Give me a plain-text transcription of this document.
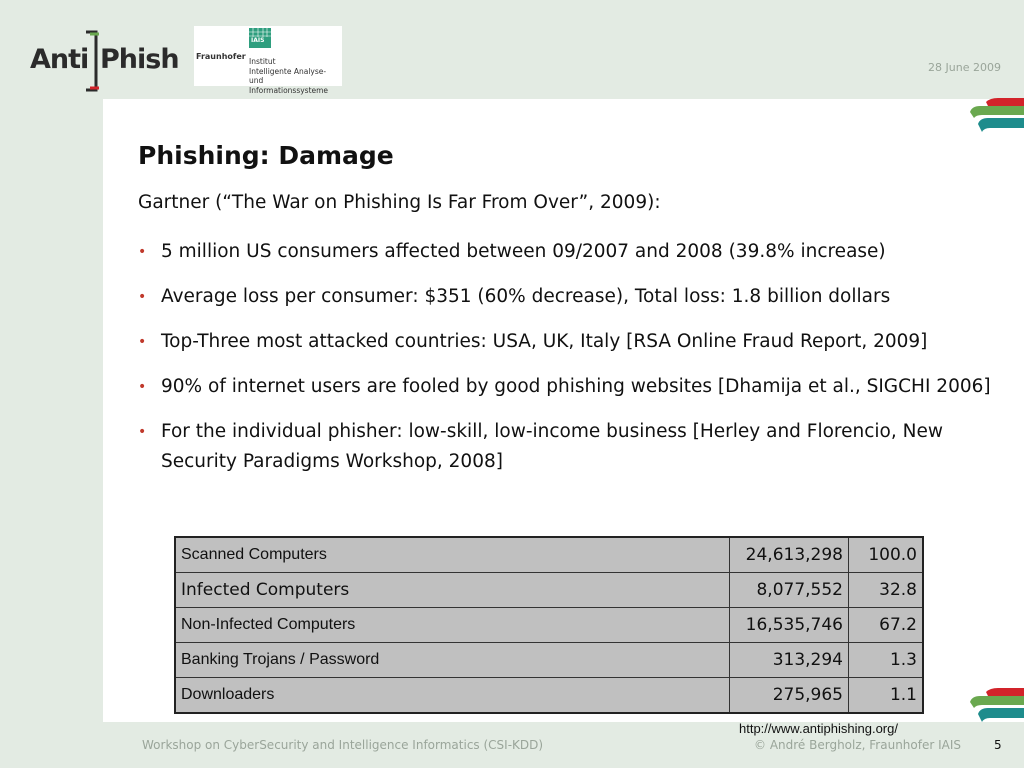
Anti Phish
IAIS
Fraunhofer
Institut
Intelligente Analyse- und
Informationssysteme
28 June 2009
Phishing: Damage
Gartner (“The War on Phishing Is Far From Over”, 2009):
• 5 million US consumers affected between 09/2007 and 2008 (39.8% increase)
• Average loss per consumer: $351 (60% decrease), Total loss: 1.8 billion dollars
• Top-Three most attacked countries: USA, UK, Italy [RSA Online Fraud Report, 2009]
• 90% of internet users are fooled by good phishing websites [Dhamija et al., SIGCHI 2006]
• For the individual phisher: low-skill, low-income business [Herley and Florencio, New Security Paradigms Workshop, 2008]
Scanned Computers	24,613,298	100.0
Infected Computers	8,077,552	32.8
Non-Infected Computers	16,535,746	67.2
Banking Trojans / Password	313,294	1.3
Downloaders	275,965	1.1
http://www.antiphishing.org/
Workshop on CyberSecurity and Intelligence Informatics (CSI-KDD)	© André Bergholz, Fraunhofer IAIS	5
